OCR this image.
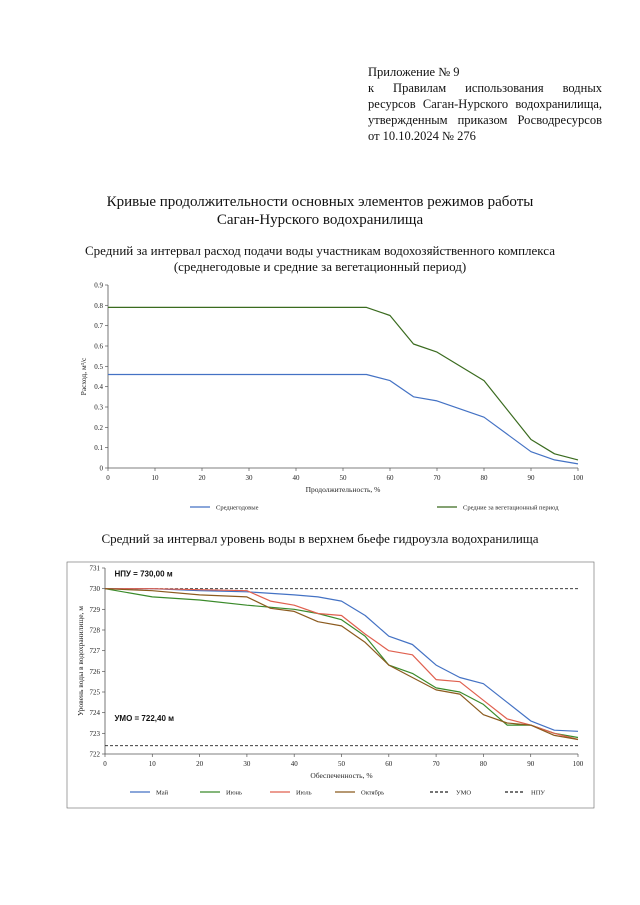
Приложение № 9
к Правилам использования водных ресурсов Саган-Нурского водохранилища, утвержденным приказом Росводресурсов от 10.10.2024 № 276
Кривые продолжительности основных элементов режимов работы
Саган-Нурского водохранилища
Средний за интервал расход подачи воды участникам водохозяйственного комплекса
(среднегодовые и средние за вегетационный период)
0	10	20	30	40	50	60	70	80	90	100
0
0.1
0.2
0.3
0.4
0.5
0.6
0.7
0.8
0.9
Продолжительность, %
Расход, м³/с
Среднегодовые	Средние за вегетационный период
Средний за интервал уровень воды в верхнем бьефе гидроузла водохранилища
0	10	20	30	40	50	60	70	80	90	100
722
723
724
725
726
727
728
729
730
731
Обеспеченность, %
Уровень воды в водохранилище, м
НПУ = 730,00 м
УМО = 722,40 м
Май	Июнь	Июль	Октябрь	УМО	НПУ
